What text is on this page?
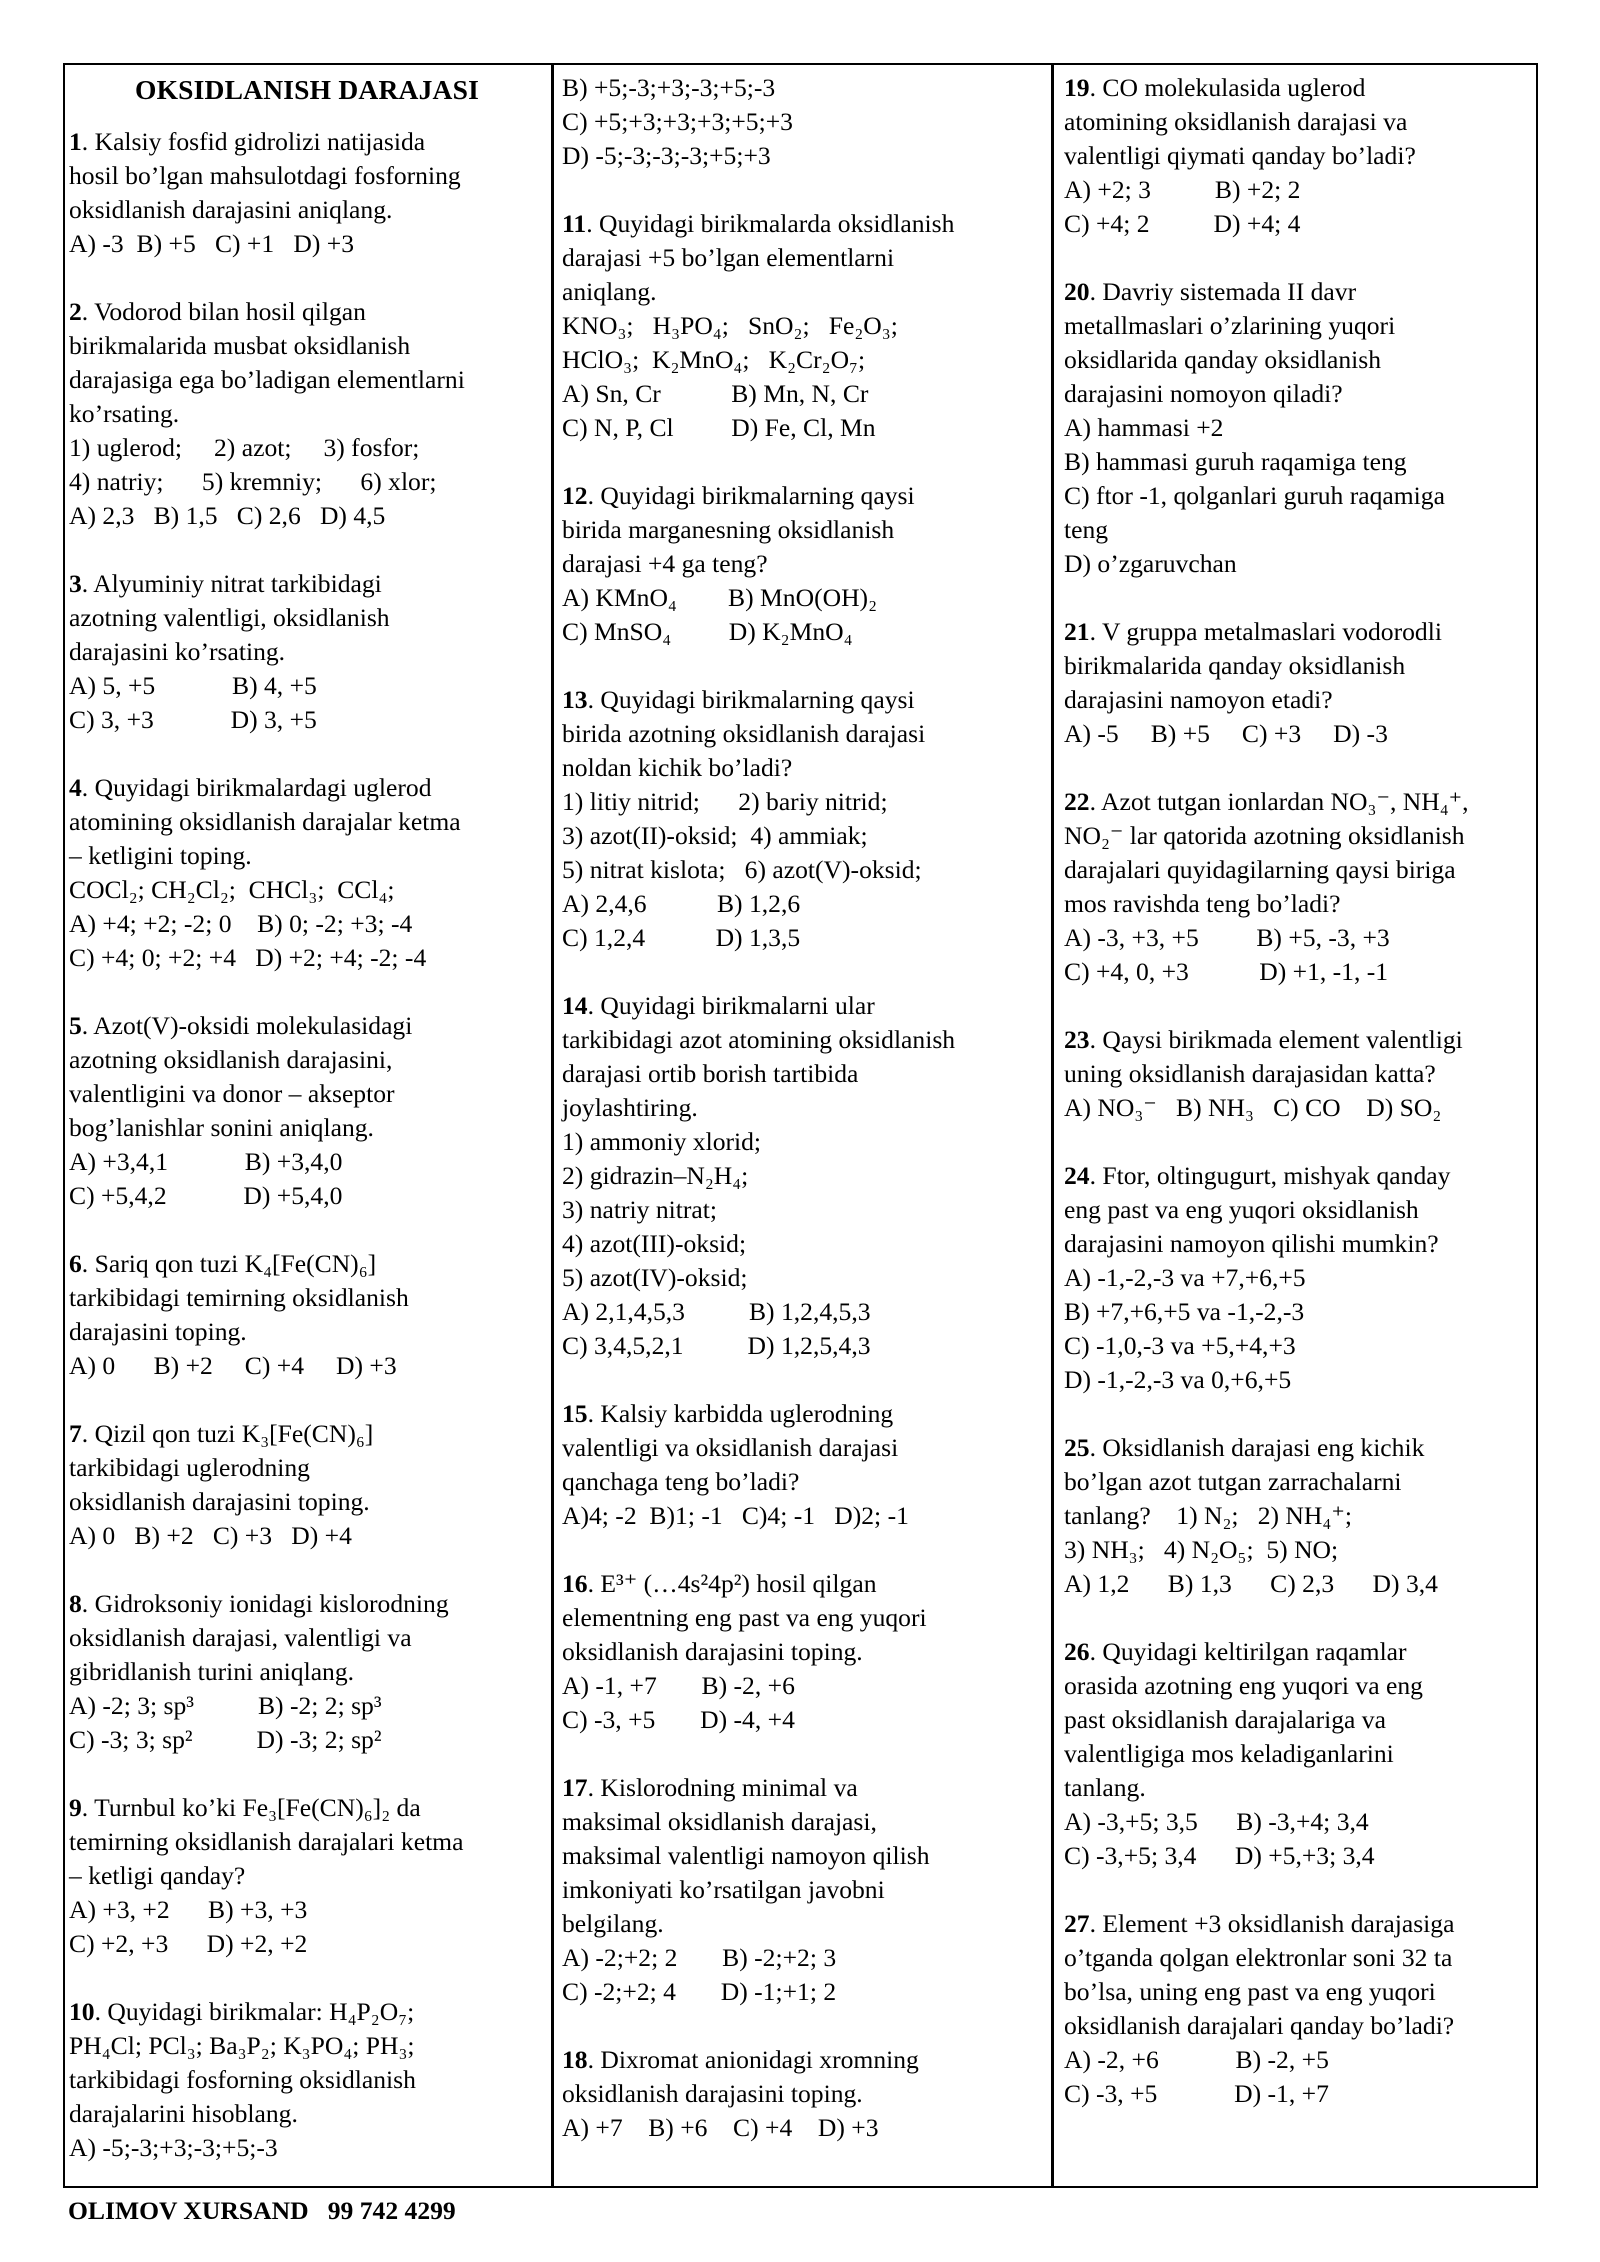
OKSIDLANISH DARAJASI
1. Kalsiy fosfid gidrolizi natijasida
hosil bo’lgan mahsulotdagi fosforning
oksidlanish darajasini aniqlang.
A) -3  B) +5   C) +1   D) +3
2. Vodorod bilan hosil qilgan
birikmalarida musbat oksidlanish
darajasiga ega bo’ladigan elementlarni
ko’rsating.
1) uglerod;     2) azot;     3) fosfor;
4) natriy;      5) kremniy;      6) xlor;
A) 2,3   B) 1,5   C) 2,6   D) 4,5
3. Alyuminiy nitrat tarkibidagi
azotning valentligi, oksidlanish
darajasini ko’rsating.
A) 5, +5            B) 4, +5
C) 3, +3            D) 3, +5
4. Quyidagi birikmalardagi uglerod
atomining oksidlanish darajalar ketma
– ketligini toping.
COCl₂; CH₂Cl₂;  CHCl₃;  CCl₄;
A) +4; +2; -2; 0    B) 0; -2; +3; -4
C) +4; 0; +2; +4   D) +2; +4; -2; -4
5. Azot(V)-oksidi molekulasidagi
azotning oksidlanish darajasini,
valentligini va donor – akseptor
bog’lanishlar sonini aniqlang.
A) +3,4,1            B) +3,4,0
C) +5,4,2            D) +5,4,0
6. Sariq qon tuzi K₄[Fe(CN)₆]
tarkibidagi temirning oksidlanish
darajasini toping.
A) 0      B) +2     C) +4     D) +3
7. Qizil qon tuzi K₃[Fe(CN)₆]
tarkibidagi uglerodning
oksidlanish darajasini toping.
A) 0   B) +2   C) +3   D) +4
8. Gidroksoniy ionidagi kislorodning
oksidlanish darajasi, valentligi va
gibridlanish turini aniqlang.
A) -2; 3; sp³          B) -2; 2; sp³
C) -3; 3; sp²          D) -3; 2; sp²
9. Turnbul ko’ki Fe₃[Fe(CN)₆]₂ da
temirning oksidlanish darajalari ketma
– ketligi qanday?
A) +3, +2      B) +3, +3
C) +2, +3      D) +2, +2
10. Quyidagi birikmalar: H₄P₂O₇;
PH₄Cl; PCl₃; Ba₃P₂; K₃PO₄; PH₃;
tarkibidagi fosforning oksidlanish
darajalarini hisoblang.
A) -5;-3;+3;-3;+5;-3
B) +5;-3;+3;-3;+5;-3
C) +5;+3;+3;+3;+5;+3
D) -5;-3;-3;-3;+5;+3
11. Quyidagi birikmalarda oksidlanish
darajasi +5 bo’lgan elementlarni
aniqlang.
KNO₃;   H₃PO₄;   SnO₂;   Fe₂O₃;
HClO₃;  K₂MnO₄;   K₂Cr₂O₇;
A) Sn, Cr           B) Mn, N, Cr
C) N, P, Cl         D) Fe, Cl, Mn
12. Quyidagi birikmalarning qaysi
birida marganesning oksidlanish
darajasi +4 ga teng?
A) KMnO₄        B) MnO(OH)₂
C) MnSO₄         D) K₂MnO₄
13. Quyidagi birikmalarning qaysi
birida azotning oksidlanish darajasi
noldan kichik bo’ladi?
1) litiy nitrid;      2) bariy nitrid;
3) azot(II)-oksid;  4) ammiak;
5) nitrat kislota;   6) azot(V)-oksid;
A) 2,4,6           B) 1,2,6
C) 1,2,4           D) 1,3,5
14. Quyidagi birikmalarni ular
tarkibidagi azot atomining oksidlanish
darajasi ortib borish tartibida
joylashtiring.
1) ammoniy xlorid;
2) gidrazin–N₂H₄;
3) natriy nitrat;
4) azot(III)-oksid;
5) azot(IV)-oksid;
A) 2,1,4,5,3          B) 1,2,4,5,3
C) 3,4,5,2,1          D) 1,2,5,4,3
15. Kalsiy karbidda uglerodning
valentligi va oksidlanish darajasi
qanchaga teng bo’ladi?
A)4; -2  B)1; -1   C)4; -1   D)2; -1
16. E³⁺ (…4s²4p²) hosil qilgan
elementning eng past va eng yuqori
oksidlanish darajasini toping.
A) -1, +7       B) -2, +6
C) -3, +5       D) -4, +4
17. Kislorodning minimal va
maksimal oksidlanish darajasi,
maksimal valentligi namoyon qilish
imkoniyati ko’rsatilgan javobni
belgilang.
A) -2;+2; 2       B) -2;+2; 3
C) -2;+2; 4       D) -1;+1; 2
18. Dixromat anionidagi xromning
oksidlanish darajasini toping.
A) +7    B) +6    C) +4    D) +3
19. CO molekulasida uglerod
atomining oksidlanish darajasi va
valentligi qiymati qanday bo’ladi?
A) +2; 3          B) +2; 2
C) +4; 2          D) +4; 4
20. Davriy sistemada II davr
metallmaslari o’zlarining yuqori
oksidlarida qanday oksidlanish
darajasini nomoyon qiladi?
A) hammasi +2
B) hammasi guruh raqamiga teng
C) ftor -1, qolganlari guruh raqamiga
teng
D) o’zgaruvchan
21. V gruppa metalmaslari vodorodli
birikmalarida qanday oksidlanish
darajasini namoyon etadi?
A) -5     B) +5     C) +3     D) -3
22. Azot tutgan ionlardan NO₃⁻, NH₄⁺,
NO₂⁻ lar qatorida azotning oksidlanish
darajalari quyidagilarning qaysi biriga
mos ravishda teng bo’ladi?
A) -3, +3, +5         B) +5, -3, +3
C) +4, 0, +3           D) +1, -1, -1
23. Qaysi birikmada element valentligi
uning oksidlanish darajasidan katta?
A) NO₃⁻   B) NH₃   C) CO    D) SO₂
24. Ftor, oltingugurt, mishyak qanday
eng past va eng yuqori oksidlanish
darajasini namoyon qilishi mumkin?
A) -1,-2,-3 va +7,+6,+5
B) +7,+6,+5 va -1,-2,-3
C) -1,0,-3 va +5,+4,+3
D) -1,-2,-3 va 0,+6,+5
25. Oksidlanish darajasi eng kichik
bo’lgan azot tutgan zarrachalarni
tanlang?    1) N₂;   2) NH₄⁺;
3) NH₃;   4) N₂O₅;  5) NO;
A) 1,2      B) 1,3      C) 2,3      D) 3,4
26. Quyidagi keltirilgan raqamlar
orasida azotning eng yuqori va eng
past oksidlanish darajalariga va
valentligiga mos keladiganlarini
tanlang.
A) -3,+5; 3,5      B) -3,+4; 3,4
C) -3,+5; 3,4      D) +5,+3; 3,4
27. Element +3 oksidlanish darajasiga
o’tganda qolgan elektronlar soni 32 ta
bo’lsa, uning eng past va eng yuqori
oksidlanish darajalari qanday bo’ladi?
A) -2, +6            B) -2, +5
C) -3, +5            D) -1, +7
OLIMOV XURSAND   99 742 4299
